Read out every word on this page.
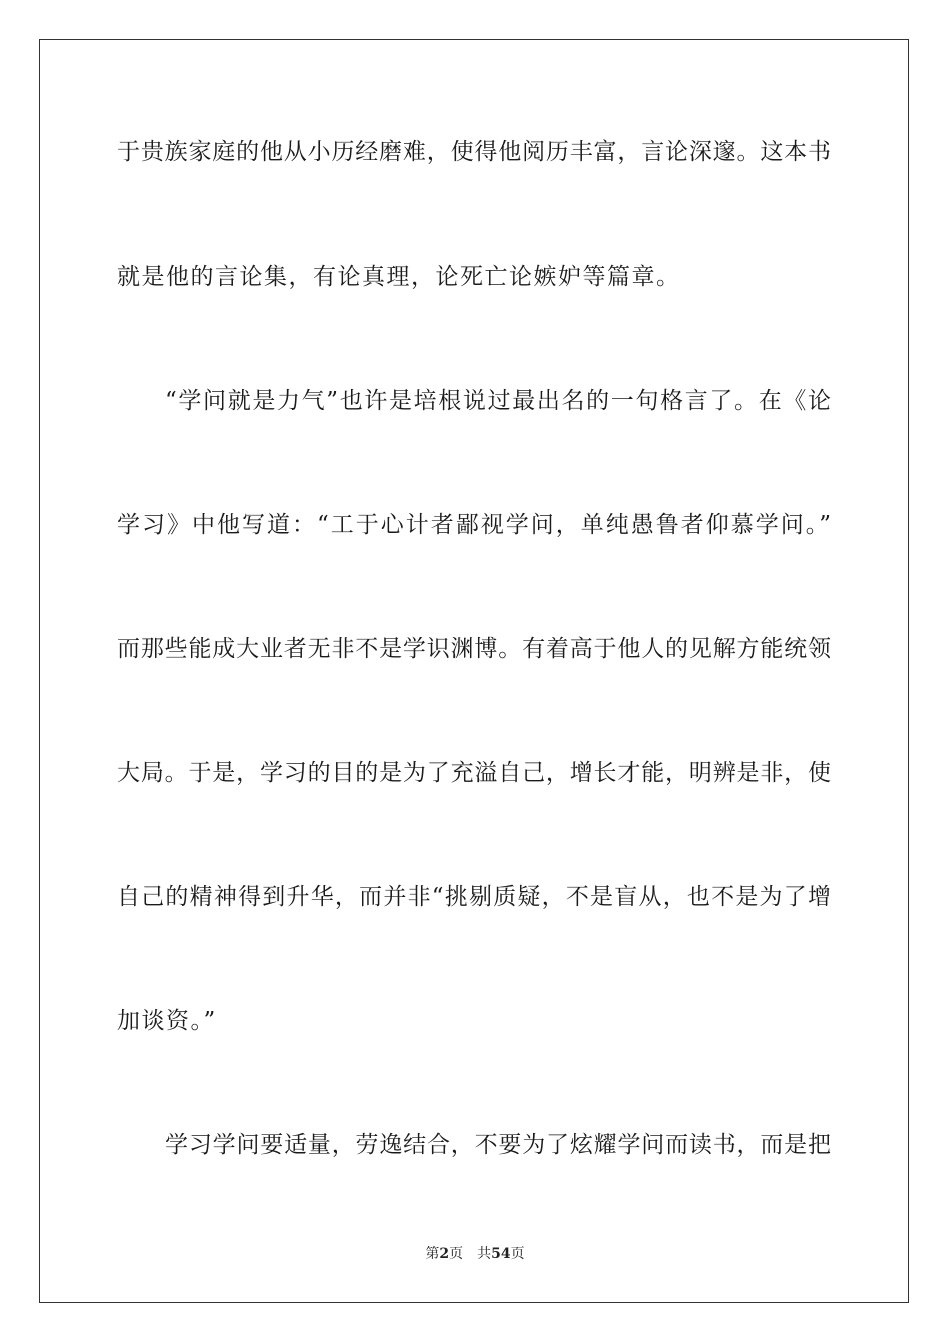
于贵族家庭的他从小历经磨难，使得他阅历丰富，言论深邃。这本书
就是他的言论集，有论真理，论死亡论嫉妒等篇章。
“学问就是力气”也许是培根说过最出名的一句格言了。在《论
学习》中他写道：“工于心计者鄙视学问，单纯愚鲁者仰慕学问。”
而那些能成大业者无非不是学识渊博。有着高于他人的见解方能统领
大局。于是，学习的目的是为了充溢自己，增长才能，明辨是非，使
自己的精神得到升华，而并非“挑剔质疑，不是盲从，也不是为了增
加谈资。”
学习学问要适量，劳逸结合，不要为了炫耀学问而读书，而是把
第2页 共54页
